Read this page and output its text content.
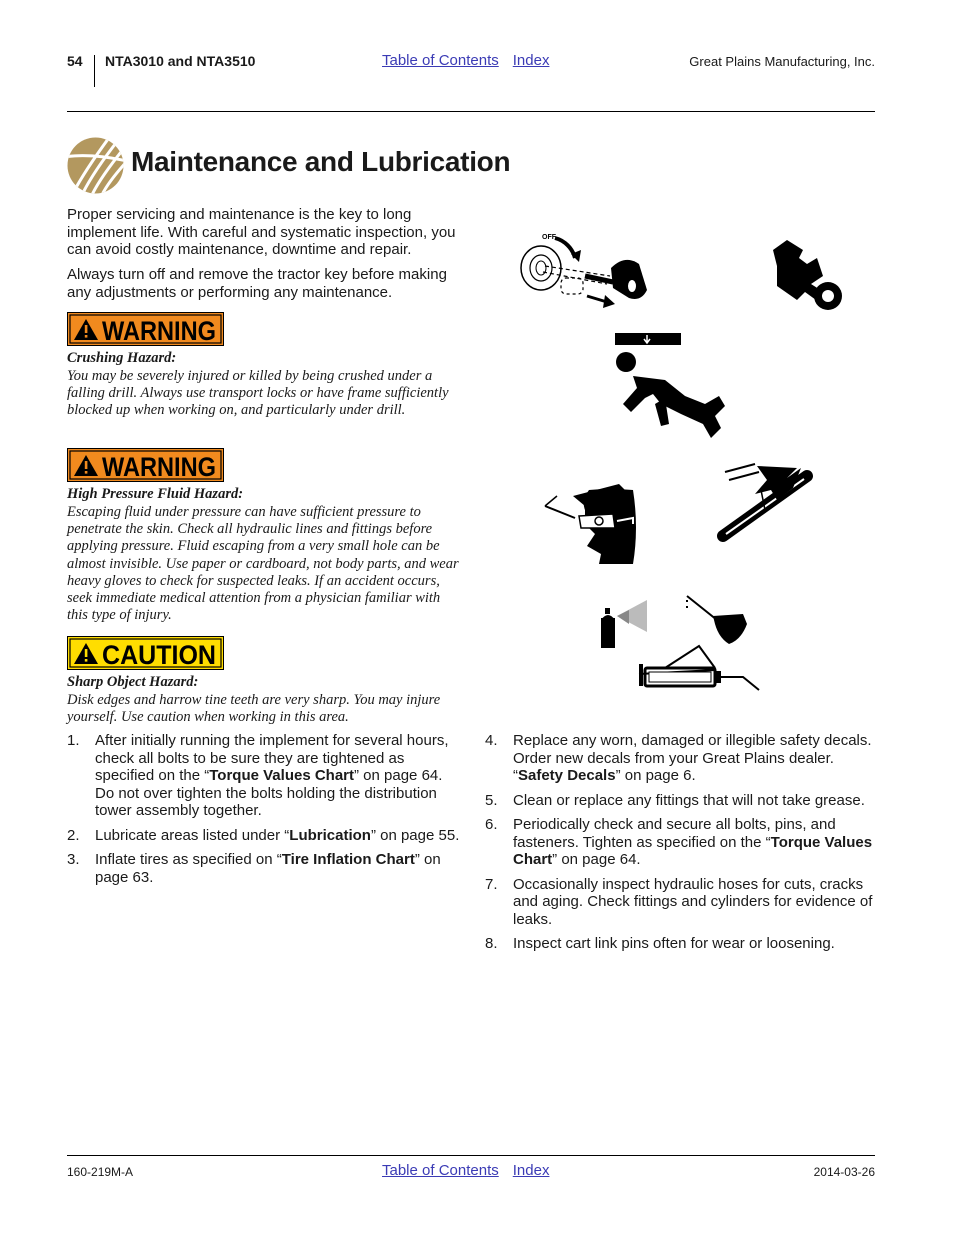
54 NTA3010 and NTA3510	Table of Contents Index	Great Plains Manufacturing, Inc.
Maintenance and Lubrication
Proper servicing and maintenance is the key to long implement life. With careful and systematic inspection, you can avoid costly maintenance, downtime and repair.
Always turn off and remove the tractor key before making any adjustments or performing any maintenance.
WARNING
Crushing Hazard:
You may be severely injured or killed by being crushed under a falling drill. Always use transport locks or have frame sufficiently blocked up when working on, and particularly under drill.
WARNING
High Pressure Fluid Hazard:
Escaping fluid under pressure can have sufficient pressure to penetrate the skin. Check all hydraulic lines and fittings before applying pressure. Fluid escaping from a very small hole can be almost invisible. Use paper or cardboard, not body parts, and wear heavy gloves to check for suspected leaks. If an accident occurs, seek immediate medical attention from a physician familiar with this type of injury.
CAUTION
Sharp Object Hazard:
Disk edges and harrow tine teeth are very sharp. You may injure yourself. Use caution when working in this area.
1. After initially running the implement for several hours, check all bolts to be sure they are tightened as specified on the “Torque Values Chart” on page 64. Do not over tighten the bolts holding the distribution tower assembly together.
2. Lubricate areas listed under “Lubrication” on page 55.
3. Inflate tires as specified on “Tire Inflation Chart” on page 63.
OFF
4. Replace any worn, damaged or illegible safety decals. Order new decals from your Great Plains dealer. “Safety Decals” on page 6.
5. Clean or replace any fittings that will not take grease.
6. Periodically check and secure all bolts, pins, and fasteners. Tighten as specified on the “Torque Values Chart” on page 64.
7. Occasionally inspect hydraulic hoses for cuts, cracks and aging. Check fittings and cylinders for evidence of leaks.
8. Inspect cart link pins often for wear or loosening.
160-219M-A	Table of Contents Index	2014-03-26
